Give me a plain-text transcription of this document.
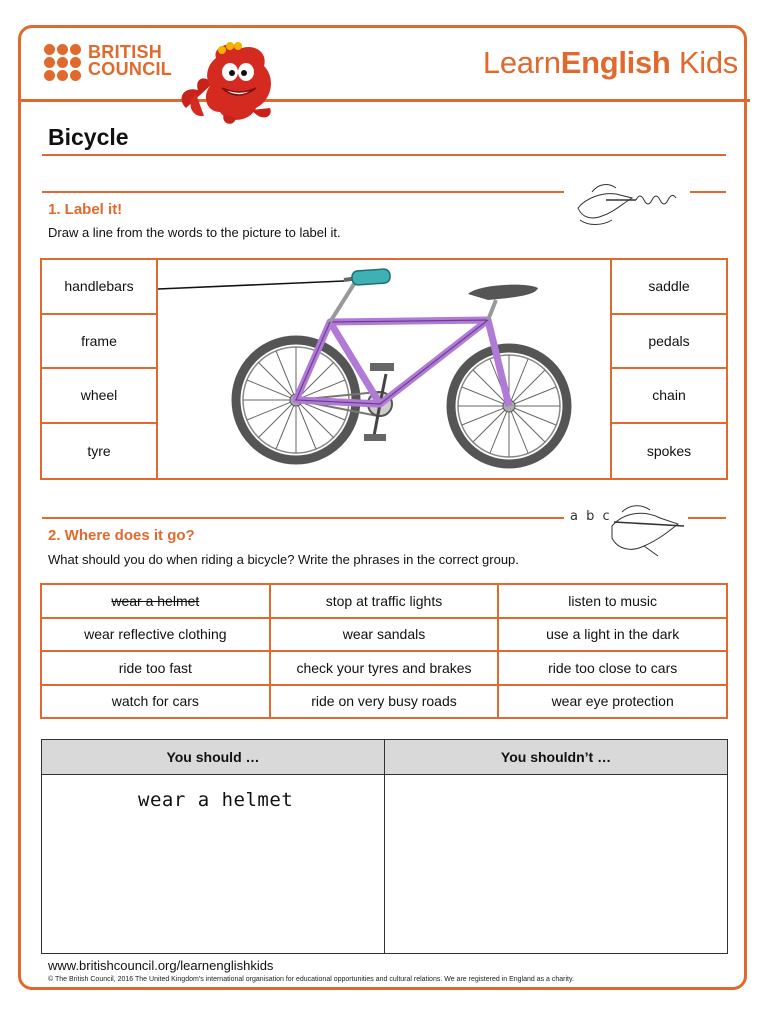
BRITISH
COUNCIL	LearnEnglish Kids
Bicycle
1. Label it!
Draw a line from the words to the picture to label it.
handlebars
frame
wheel
tyre
saddle
pedals
chain
spokes
a b c
2. Where does it go?
What should you do when riding a bicycle? Write the phrases in the correct group.
wear a helmet	stop at traffic lights	listen to music
wear reflective clothing	wear sandals	use a light in the dark
ride too fast	check your tyres and brakes	ride too close to cars
watch for cars	ride on very busy roads	wear eye protection
You should …	You shouldn’t …
wear a helmet	
www.britishcouncil.org/learnenglishkids
© The British Council, 2016 The United Kingdom’s international organisation for educational opportunities and cultural relations. We are registered in England as a charity.
